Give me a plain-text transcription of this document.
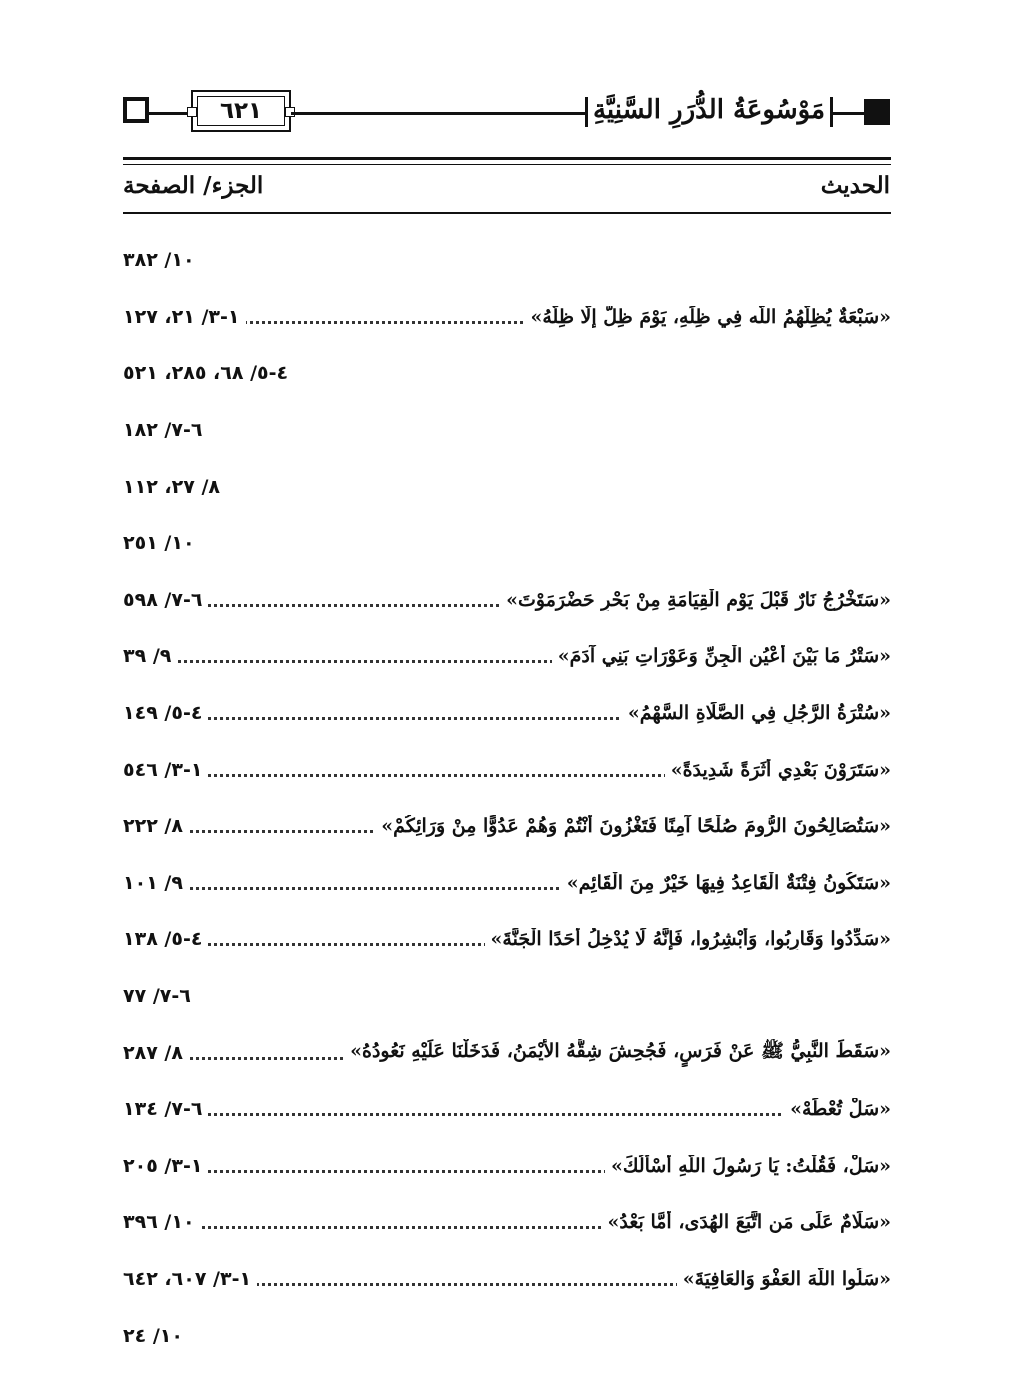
٦٢١	مَوْسُوعَةُ الدُّرَرِ السَّنِيَّةِ
الحديث
الجزء/ الصفحة
١٠/ ٣٨٢
«سَبْعَةٌ يُظِلُّهُمُ اللَّه فِي ظِلِّهِ، يَوْمَ ظِلَّ إِلَّا ظِلُّهُ»
١-٣/ ٢١، ١٢٧
٤-٥/ ٦٨، ٢٨٥، ٥٢١
٦-٧/ ١٨٢
٨/ ٢٧، ١١٢
١٠/ ٢٥١
«سَتَخْرُجُ نَارٌ قَبْلَ يَوْمِ الْقِيَامَةِ مِنْ بَحْرِ حَضْرَمَوْتَ»
٦-٧/ ٥٩٨
«سَتْرُ مَا بَيْنَ أَعْيُنِ الْجِنِّ وَعَوْرَاتِ بَنِي آدَمَ»
٩/ ٣٩
«سُتْرَةُ الرَّجُلِ فِي الصَّلَاةِ السَّهْمُ»
٤-٥/ ١٤٩
«سَتَرَوْنَ بَعْدِي أَثَرَةً شَدِيدَةً»
١-٣/ ٥٤٦
«سَتُصَالِحُونَ الرُّومَ صُلْحًا آمِنًا فَتَغْزُونَ أَنْتُمْ وَهُمْ عَدُوًّا مِنْ وَرَائِكُمْ»
٨/ ٢٢٢
«سَتَكُونُ فِتْنَةٌ الْقَاعِدُ فِيهَا خَيْرٌ مِنَ الْقَائِمِ»
٩/ ١٠١
«سَدِّدُوا وَقَارِبُوا، وَأَبْشِرُوا، فَإِنَّهُ لَا يُدْخِلُ أَحَدًا الْجَنَّةَ»
٤-٥/ ١٣٨
٦-٧/ ٧٧
«سَقَطَ النَّبِيُّ ﷺ عَنْ فَرَسٍ، فَجُحِشَ شِقُّهُ الأَيْمَنُ، فَدَخَلْنَا عَلَيْهِ نَعُودُهُ»
٨/ ٢٨٧
«سَلْ تُعْطَهْ»
٦-٧/ ١٣٤
«سَلْ، فَقُلْتُ: يَا رَسُولَ اللَّهِ أَسْأَلُكَ»
١-٣/ ٢٠٥
«سَلَامٌ عَلَى مَنِ اتَّبَعَ الهُدَى، أَمَّا بَعْدُ»
١٠/ ٣٩٦
«سَلُوا اللَّهَ العَفْوَ وَالعَافِيَةَ»
١-٣/ ٦٠٧، ٦٤٢
١٠/ ٢٤
